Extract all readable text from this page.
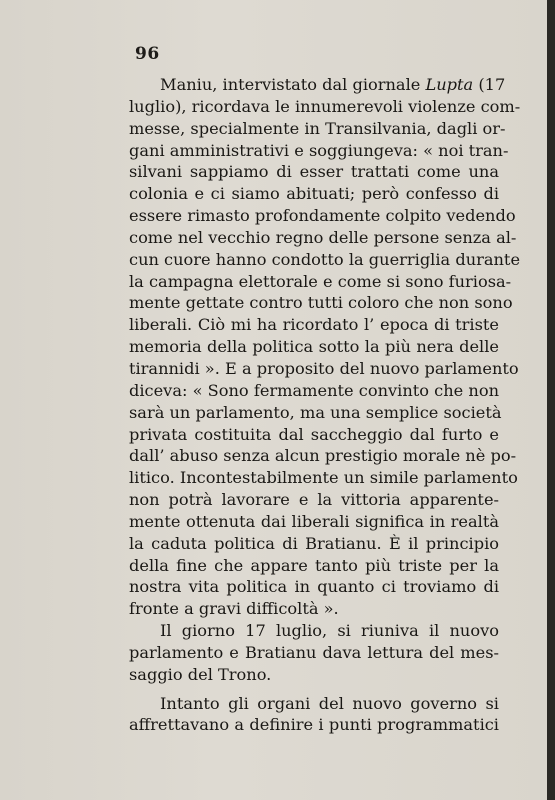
96
Maniu, intervistato dal giornale Lupta (17
luglio), ricordava le innumerevoli violenze com-
messe, specialmente in Transilvania, dagli or-
gani amministrativi e soggiungeva: « noi tran-
silvani sappiamo di esser trattati come una
colonia e ci siamo abituati; però confesso di
essere rimasto profondamente colpito vedendo
come nel vecchio regno delle persone senza al-
cun cuore hanno condotto la guerriglia durante
la campagna elettorale e come si sono furiosa-
mente gettate contro tutti coloro che non sono
liberali. Ciò mi ha ricordato l’ epoca di triste
memoria della politica sotto la più nera delle
tirannidi ». E a proposito del nuovo parlamento
diceva: « Sono fermamente convinto che non
sarà un parlamento, ma una semplice società
privata costituita dal saccheggio dal furto e
dall’ abuso senza alcun prestigio morale nè po-
litico. Incontestabilmente un simile parlamento
non potrà lavorare e la vittoria apparente-
mente ottenuta dai liberali significa in realtà
la caduta politica di Bratianu. È il principio
della fine che appare tanto più triste per la
nostra vita politica in quanto ci troviamo di
fronte a gravi difficoltà ».
Il giorno 17 luglio, si riuniva il nuovo
parlamento e Bratianu dava lettura del mes-
saggio del Trono.
Intanto gli organi del nuovo governo si
affrettavano a definire i punti programmatici
